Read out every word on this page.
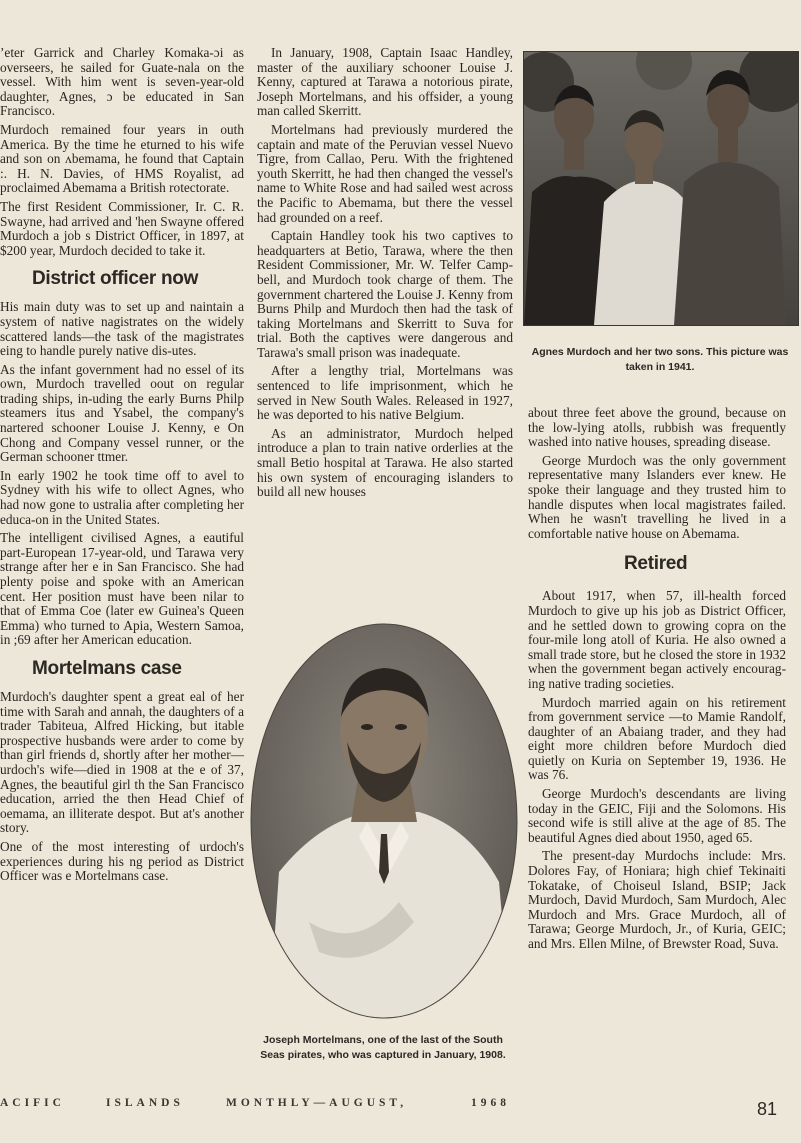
ʼeter Garrick and Charley Komaka-ɔi as overseers, he sailed for Guate-nala on the vessel. With him went is seven-year-old daughter, Agnes, ɔ be educated in San Francisco.

Murdoch remained four years in outh America. By the time he eturned to his wife and son on ⁠ʌbemama, he found that Captain ⁠:. H. N. Davies, of HMS Royalist, ad proclaimed Abemama a British rotectorate.

The first Resident Commissioner, Ir. C. R. Swayne, had arrived and 'hen Swayne offered Murdoch a job s District Officer, in 1897, at $200 year, Murdoch decided to take it.

District officer now

His main duty was to set up and naintain a system of native nagistrates on the widely scattered lands—the task of the magistrates eing to handle purely native dis-utes.

As the infant government had no essel of its own, Murdoch travelled oout on regular trading ships, in-uding the early Burns Philp steamers itus and Ysabel, the company's nartered schooner Louise J. Kenny, e On Chong and Company vessel runner, or the German schooner ttmer.

In early 1902 he took time off to avel to Sydney with his wife to ollect Agnes, who had now gone to ustralia after completing her educa-on in the United States.

The intelligent civilised Agnes, a eautiful part-European 17-year-old, und Tarawa very strange after her e in San Francisco. She had plenty poise and spoke with an American cent. Her position must have been nilar to that of Emma Coe (later ew Guinea's Queen Emma) who turned to Apia, Western Samoa, in ;69 after her American education.

Mortelmans case

Murdoch's daughter spent a great eal of her time with Sarah and annah, the daughters of a trader Tabiteua, Alfred Hicking, but itable prospective husbands were arder to come by than girl friends d, shortly after her mother— urdoch's wife—died in 1908 at the e of 37, Agnes, the beautiful girl th the San Francisco education, arried the then Head Chief of oemama, an illiterate despot. But at's another story.

One of the most interesting of urdoch's experiences during his ng period as District Officer was e Mortelmans case.

In January, 1908, Captain Isaac Handley, master of the auxiliary schooner Louise J. Kenny, captured at Tarawa a notorious pirate, Joseph Mortelmans, and his offsider, a young man called Skerritt.

Mortelmans had previously murdered the captain and mate of the Peruvian vessel Nuevo Tigre, from Callao, Peru. With the frightened youth Skerritt, he had then changed the vessel's name to White Rose and had sailed west across the Pacific to Abemama, but there the vessel had grounded on a reef.

Captain Handley took his two captives to headquarters at Betio, Tarawa, where the then Resident Commissioner, Mr. W. Telfer Camp-bell, and Murdoch took charge of them. The government chartered the Louise J. Kenny from Burns Philp and Murdoch then had the task of taking Mortelmans and Skerritt to Suva for trial. Both the captives were dangerous and Tarawa's small prison was inadequate.

After a lengthy trial, Mortelmans was sentenced to life imprisonment, which he served in New South Wales. Released in 1927, he was deported to his native Belgium.

As an administrator, Murdoch helped introduce a plan to train native orderlies at the small Betio hospital at Tarawa. He also started his own system of encouraging islanders to build all new houses

Joseph Mortelmans, one of the last of the South Seas pirates, who was captured in January, 1908.

Agnes Murdoch and her two sons. This picture was taken in 1941.

about three feet above the ground, because on the low-lying atolls, rubbish was frequently washed into native houses, spreading disease.

George Murdoch was the only government representative many Islanders ever knew. He spoke their language and they trusted him to handle disputes when local magistrates failed. When he wasn't travelling he lived in a comfortable native house on Abemama.

Retired

About 1917, when 57, ill-health forced Murdoch to give up his job as District Officer, and he settled down to growing copra on the four-mile long atoll of Kuria. He also owned a small trade store, but he closed the store in 1932 when the government began actively encourag-ing native trading societies.

Murdoch married again on his retirement from government service —to Mamie Randolf, daughter of an Abaiang trader, and they had eight more children before Murdoch died quietly on Kuria on September 19, 1936. He was 76.

George Murdoch's descendants are living today in the GEIC, Fiji and the Solomons. His second wife is still alive at the age of 85. The beautiful Agnes died about 1950, aged 65.

The present-day Murdochs include: Mrs. Dolores Fay, of Honiara; high chief Tekinaiti Tokatake, of Choiseul Island, BSIP; Jack Murdoch, David Murdoch, Sam Murdoch, Alec Murdoch and Mrs. Grace Murdoch, all of Tarawa; George Murdoch, Jr., of Kuria, GEIC; and Mrs. Ellen Milne, of Brewster Road, Suva.

ACIFIC	ISLANDS	MONTHLY—AUGUST,	1968	81
